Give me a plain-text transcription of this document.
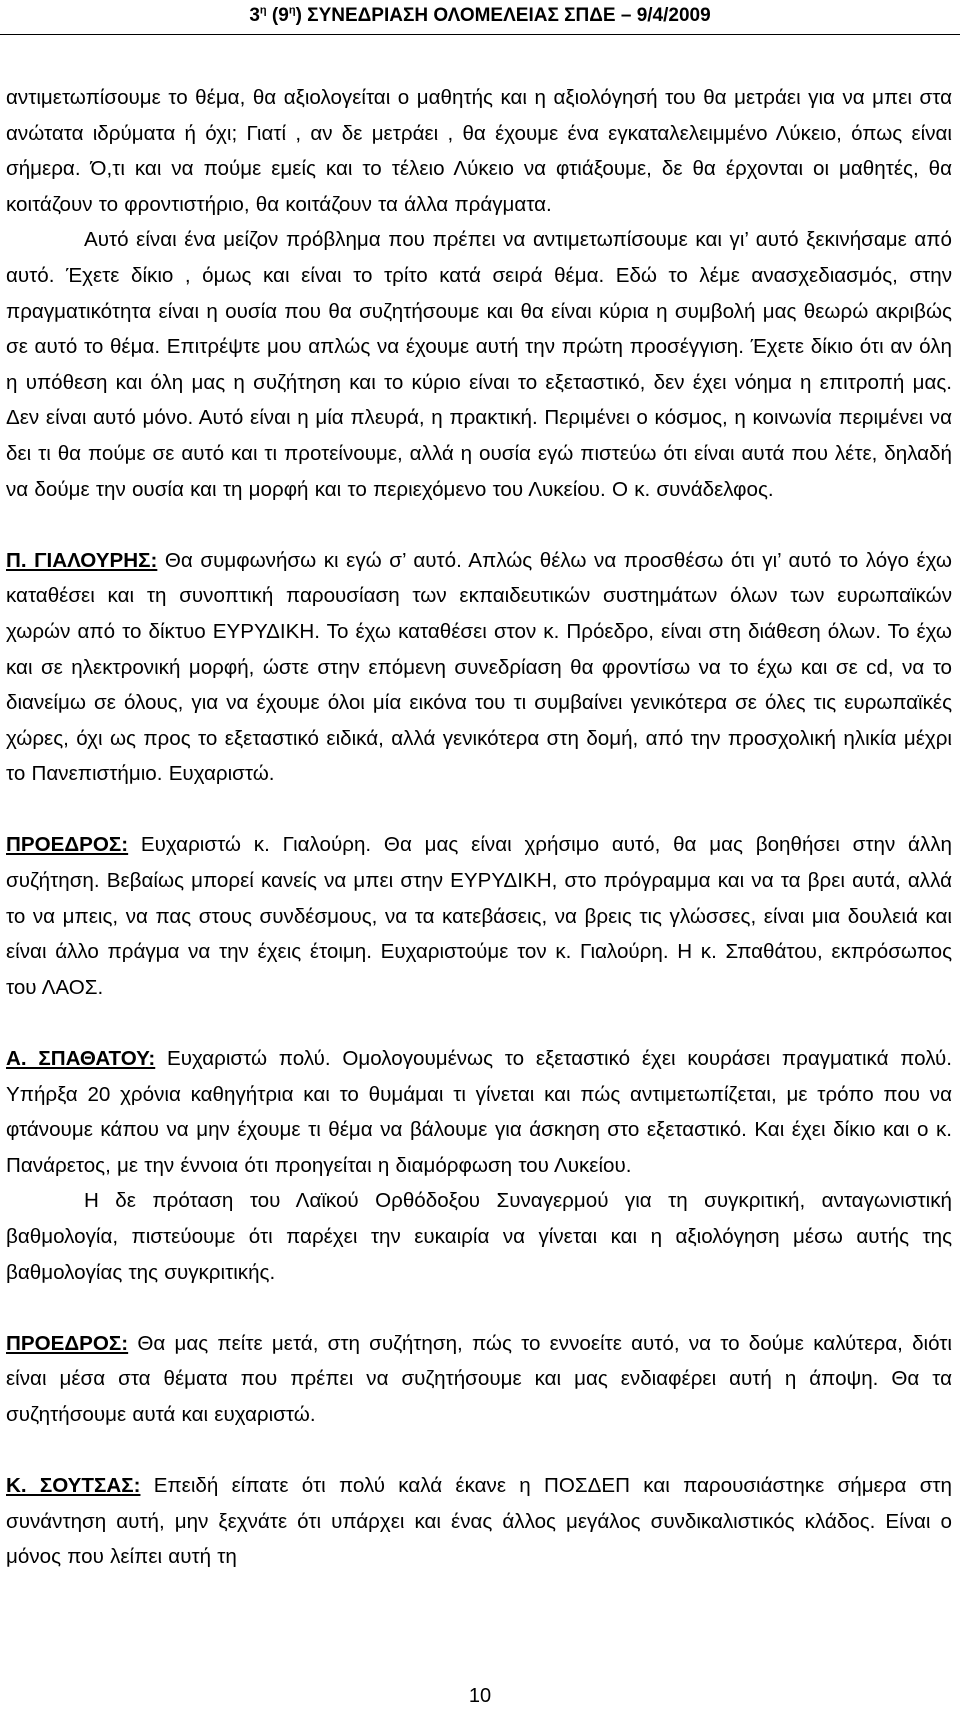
$3^\eta$ $(9^\eta)$ ΣΥΝΕΔΡΙΑΣΗ ΟΛΟΜΕΛΕΙΑΣ ΣΠΔΕ – 9/4/2009

αντιμετωπίσουμε το θέμα, θα αξιολογείται ο μαθητής και η αξιολόγησή του θα μετράει για να μπει στα ανώτατα ιδρύματα ή όχι; Γιατί , αν δε μετράει , θα έχουμε ένα εγκαταλελειμμένο Λύκειο, όπως είναι σήμερα. Ό,τι και να πούμε εμείς και το τέλειο Λύκειο να φτιάξουμε, δε θα έρχονται οι μαθητές, θα κοιτάζουν το φροντιστήριο, θα κοιτάζουν τα άλλα πράγματα.

Αυτό είναι ένα μείζον πρόβλημα που πρέπει να αντιμετωπίσουμε και γι’ αυτό ξεκινήσαμε από αυτό. Έχετε δίκιο , όμως και είναι το τρίτο κατά σειρά θέμα. Εδώ το λέμε ανασχεδιασμός, στην πραγματικότητα είναι η ουσία που θα συζητήσουμε και θα είναι κύρια η συμβολή μας θεωρώ ακριβώς σε αυτό το θέμα. Επιτρέψτε μου απλώς να έχουμε αυτή την πρώτη προσέγγιση. Έχετε δίκιο ότι αν όλη η υπόθεση και όλη μας η συζήτηση και το κύριο είναι το εξεταστικό, δεν έχει νόημα η επιτροπή μας. Δεν είναι αυτό μόνο. Αυτό είναι η μία πλευρά, η πρακτική. Περιμένει ο κόσμος, η κοινωνία περιμένει να δει τι θα πούμε σε αυτό και τι προτείνουμε, αλλά η ουσία εγώ πιστεύω ότι είναι αυτά που λέτε, δηλαδή να δούμε την ουσία και τη μορφή και το περιεχόμενο του Λυκείου. Ο κ. συνάδελφος.

Π. ΓΙΑΛΟΥΡΗΣ: Θα συμφωνήσω κι εγώ σ’ αυτό. Απλώς θέλω να προσθέσω ότι γι’ αυτό το λόγο έχω καταθέσει και τη συνοπτική παρουσίαση των εκπαιδευτικών συστημάτων όλων των ευρωπαϊκών χωρών από το δίκτυο ΕΥΡΥΔΙΚΗ. Το έχω καταθέσει στον κ. Πρόεδρο, είναι στη διάθεση όλων. Το έχω και σε ηλεκτρονική μορφή, ώστε στην επόμενη συνεδρίαση θα φροντίσω να το έχω και σε cd, να το διανείμω σε όλους, για να έχουμε όλοι μία εικόνα του τι συμβαίνει γενικότερα σε όλες τις ευρωπαϊκές χώρες, όχι ως προς το εξεταστικό ειδικά, αλλά γενικότερα στη δομή, από την προσχολική ηλικία μέχρι το Πανεπιστήμιο. Ευχαριστώ.

ΠΡΟΕΔΡΟΣ: Ευχαριστώ κ. Γιαλούρη. Θα μας είναι χρήσιμο αυτό, θα μας βοηθήσει στην άλλη συζήτηση. Βεβαίως μπορεί κανείς να μπει στην ΕΥΡΥΔΙΚΗ, στο πρόγραμμα και να τα βρει αυτά, αλλά το να μπεις, να πας στους συνδέσμους, να τα κατεβάσεις, να βρεις τις γλώσσες, είναι μια δουλειά και είναι άλλο πράγμα να την έχεις έτοιμη. Ευχαριστούμε τον κ. Γιαλούρη. Η κ. Σπαθάτου, εκπρόσωπος του ΛΑΟΣ.

Α. ΣΠΑΘΑΤΟΥ: Ευχαριστώ πολύ. Ομολογουμένως το εξεταστικό έχει κουράσει πραγματικά πολύ. Υπήρξα 20 χρόνια καθηγήτρια και το θυμάμαι τι γίνεται και πώς αντιμετωπίζεται, με τρόπο που να φτάνουμε κάπου να μην έχουμε τι θέμα να βάλουμε για άσκηση στο εξεταστικό. Και έχει δίκιο και ο κ. Πανάρετος, με την έννοια ότι προηγείται η διαμόρφωση του Λυκείου.

Η δε πρόταση του Λαϊκού Ορθόδοξου Συναγερμού για τη συγκριτική, ανταγωνιστική βαθμολογία, πιστεύουμε ότι παρέχει την ευκαιρία να γίνεται και η αξιολόγηση μέσω αυτής της βαθμολογίας της συγκριτικής.

ΠΡΟΕΔΡΟΣ: Θα μας πείτε μετά, στη συζήτηση, πώς το εννοείτε αυτό, να το δούμε καλύτερα, διότι είναι μέσα στα θέματα που πρέπει να συζητήσουμε και μας ενδιαφέρει αυτή η άποψη. Θα τα συζητήσουμε αυτά και ευχαριστώ.

Κ. ΣΟΥΤΣΑΣ: Επειδή είπατε ότι πολύ καλά έκανε η ΠΟΣΔΕΠ και παρουσιάστηκε σήμερα στη συνάντηση αυτή, μην ξεχνάτε ότι υπάρχει και ένας άλλος μεγάλος συνδικαλιστικός κλάδος. Είναι ο μόνος που λείπει αυτή τη

10
